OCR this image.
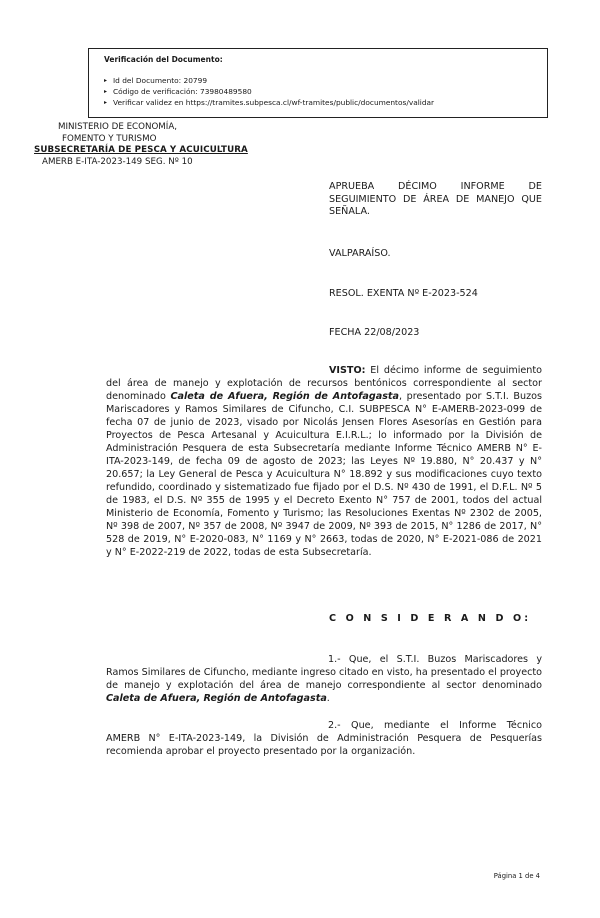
Verificación del Documento:
▸ Id del Documento: 20799
▸ Código de verificación: 73980489580
▸ Verificar validez en https://tramites.subpesca.cl/wf-tramites/public/documentos/validar
MINISTERIO DE ECONOMÍA,
FOMENTO Y TURISMO
SUBSECRETARÍA DE PESCA Y ACUICULTURA
AMERB E-ITA-2023-149 SEG. Nº 10
APRUEBA DÉCIMO INFORME DE SEGUIMIENTO DE ÁREA DE MANEJO QUE SEÑALA.
VALPARAÍSO.
RESOL. EXENTA Nº E-2023-524
FECHA 22/08/2023

VISTO: El décimo informe de seguimiento del área de manejo y explotación de recursos bentónicos correspondiente al sector denominado Caleta de Afuera, Región de Antofagasta, presentado por S.T.I. Buzos Mariscadores y Ramos Similares de Cifuncho, C.I. SUBPESCA N° E-AMERB-2023-099 de fecha 07 de junio de 2023, visado por Nicolás Jensen Flores Asesorías en Gestión para Proyectos de Pesca Artesanal y Acuicultura E.I.R.L.; lo informado por la División de Administración Pesquera de esta Subsecretaría mediante Informe Técnico AMERB N° E-ITA-2023-149, de fecha 09 de agosto de 2023; las Leyes Nº 19.880, N° 20.437 y N° 20.657; la Ley General de Pesca y Acuicultura N° 18.892 y sus modificaciones cuyo texto refundido, coordinado y sistematizado fue fijado por el D.S. Nº 430 de 1991, el D.F.L. Nº 5 de 1983, el D.S. Nº 355 de 1995 y el Decreto Exento N° 757 de 2001, todos del actual Ministerio de Economía, Fomento y Turismo; las Resoluciones Exentas Nº 2302 de 2005, Nº 398 de 2007, Nº 357 de 2008, Nº 3947 de 2009, Nº 393 de 2015, N° 1286 de 2017, N° 528 de 2019, N° E-2020-083, N° 1169 y N° 2663, todas de 2020, N° E-2021-086 de 2021 y N° E-2022-219 de 2022, todas de esta Subsecretaría.

C O N S I D E R A N D O:

1.- Que, el S.T.I. Buzos Mariscadores y Ramos Similares de Cifuncho, mediante ingreso citado en visto, ha presentado el proyecto de manejo y explotación del área de manejo correspondiente al sector denominado Caleta de Afuera, Región de Antofagasta.

2.- Que, mediante el Informe Técnico AMERB N° E-ITA-2023-149, la División de Administración Pesquera de Pesquerías recomienda aprobar el proyecto presentado por la organización.

Página 1 de 4
